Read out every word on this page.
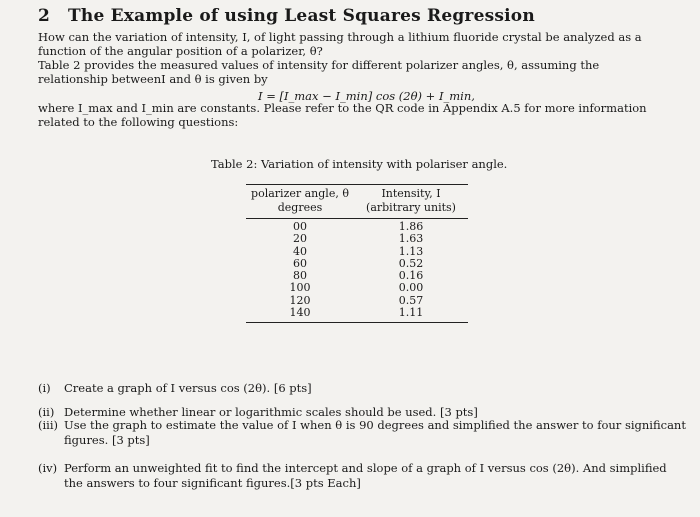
2 The Example of using Least Squares Regression
How can the variation of intensity, I, of light passing through a lithium fluoride crystal be analyzed as a function of the angular position of a polarizer, θ?
Table 2 provides the measured values of intensity for different polarizer angles, θ, assuming the relationship betweenI and θ is given by
I = [I_max − I_min] cos (2θ) + I_min,
where I_max and I_min are constants. Please refer to the QR code in Appendix A.5 for more information related to the following questions:
Table 2: Variation of intensity with polariser angle.
polarizer angle, θ	Intensity, I
degrees	(arbitrary units)
00	1.86
20	1.63
40	1.13
60	0.52
80	0.16
100	0.00
120	0.57
140	1.11
(i) Create a graph of I versus cos (2θ). [6 pts]
(ii) Determine whether linear or logarithmic scales should be used. [3 pts]
(iii) Use the graph to estimate the value of I when θ is 90 degrees and simplified the answer to four significant figures. [3 pts]
(iv) Perform an unweighted fit to find the intercept and slope of a graph of I versus cos (2θ). And simplified the answers to four significant figures.[3 pts Each]
